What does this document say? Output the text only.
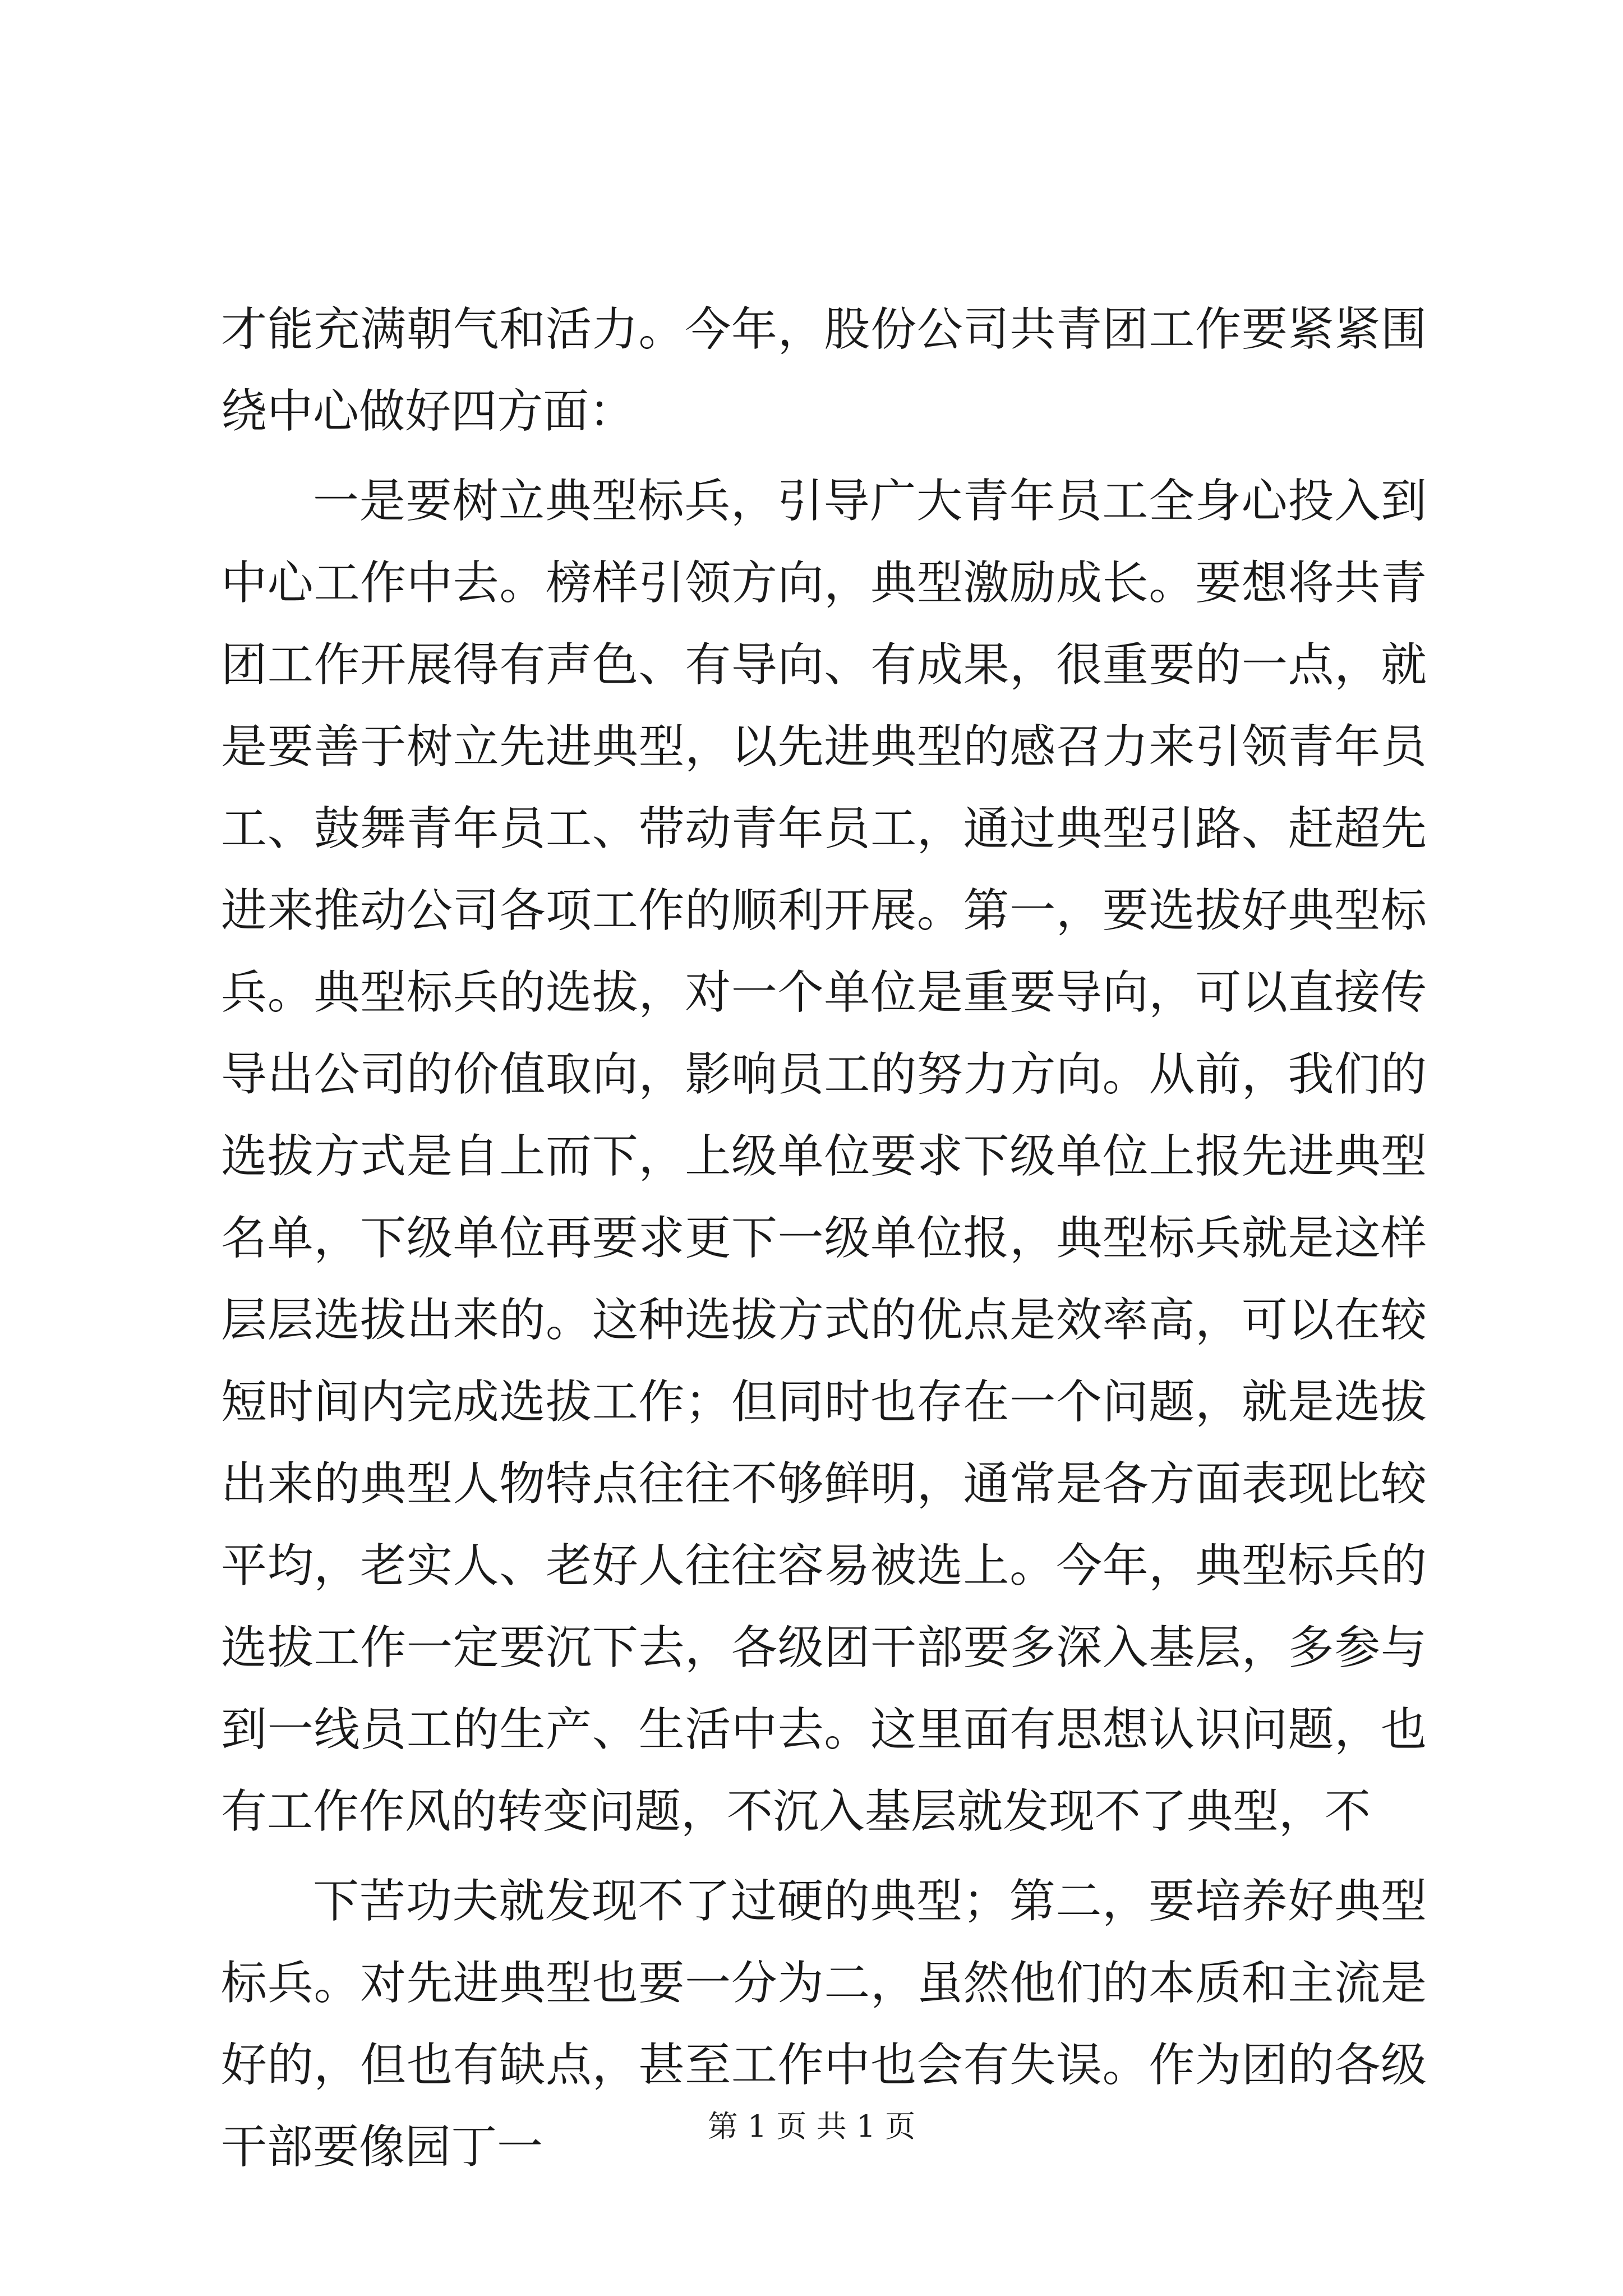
才能充满朝气和活力。今年，股份公司共青团工作要紧紧围绕中心做好四方面：

一是要树立典型标兵，引导广大青年员工全身心投入到中心工作中去。榜样引领方向，典型激励成长。要想将共青团工作开展得有声色、有导向、有成果，很重要的一点，就是要善于树立先进典型，以先进典型的感召力来引领青年员工、鼓舞青年员工、带动青年员工，通过典型引路、赶超先进来推动公司各项工作的顺利开展。第一，要选拔好典型标兵。典型标兵的选拔，对一个单位是重要导向，可以直接传导出公司的价值取向，影响员工的努力方向。从前，我们的选拔方式是自上而下，上级单位要求下级单位上报先进典型名单，下级单位再要求更下一级单位报，典型标兵就是这样层层选拔出来的。这种选拔方式的优点是效率高，可以在较短时间内完成选拔工作；但同时也存在一个问题，就是选拔出来的典型人物特点往往不够鲜明，通常是各方面表现比较平均，老实人、老好人往往容易被选上。今年，典型标兵的选拔工作一定要沉下去，各级团干部要多深入基层，多参与到一线员工的生产、生活中去。这里面有思想认识问题，也有工作作风的转变问题，不沉入基层就发现不了典型，不

下苦功夫就发现不了过硬的典型；第二，要培养好典型标兵。对先进典型也要一分为二，虽然他们的本质和主流是好的，但也有缺点，甚至工作中也会有失误。作为团的各级干部要像园丁一	第 1 页 共 1 页
